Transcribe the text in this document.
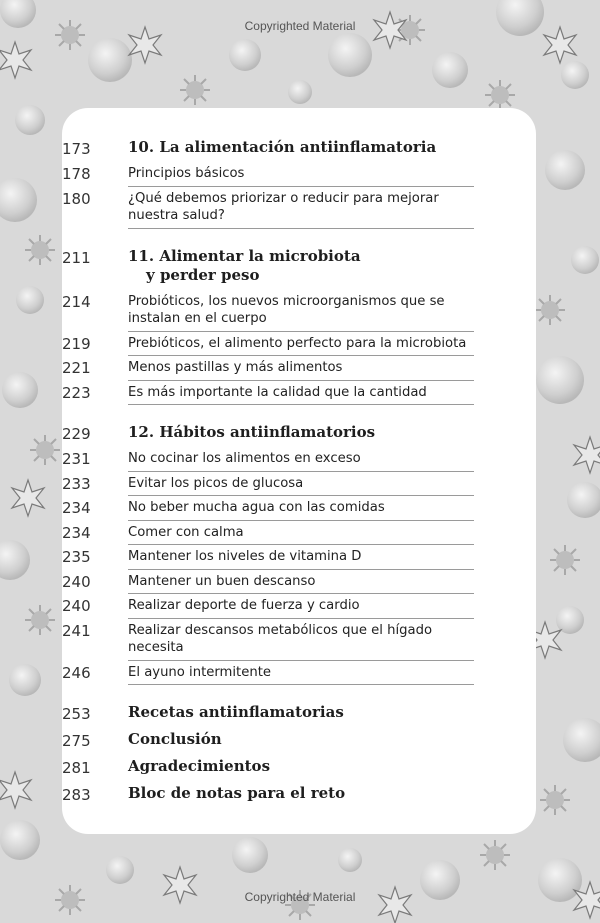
Copyrighted Material
173 10. La alimentación antiinflamatoria
178	Principios básicos
180	¿Qué debemos priorizar o reducir para mejorar nuestra salud?
211 11. Alimentar la microbiota
y perder peso
214	Probióticos, los nuevos microorganismos que se instalan en el cuerpo
219	Prebióticos, el alimento perfecto para la microbiota
221	Menos pastillas y más alimentos
223	Es más importante la calidad que la cantidad
229 12. Hábitos antiinflamatorios
231	No cocinar los alimentos en exceso
233	Evitar los picos de glucosa
234	No beber mucha agua con las comidas
234	Comer con calma
235	Mantener los niveles de vitamina D
240	Mantener un buen descanso
240	Realizar deporte de fuerza y cardio
241	Realizar descansos metabólicos que el hígado necesita
246	El ayuno intermitente
253 Recetas antiinflamatorias
275 Conclusión
281 Agradecimientos
283 Bloc de notas para el reto
Copyrighted Material
